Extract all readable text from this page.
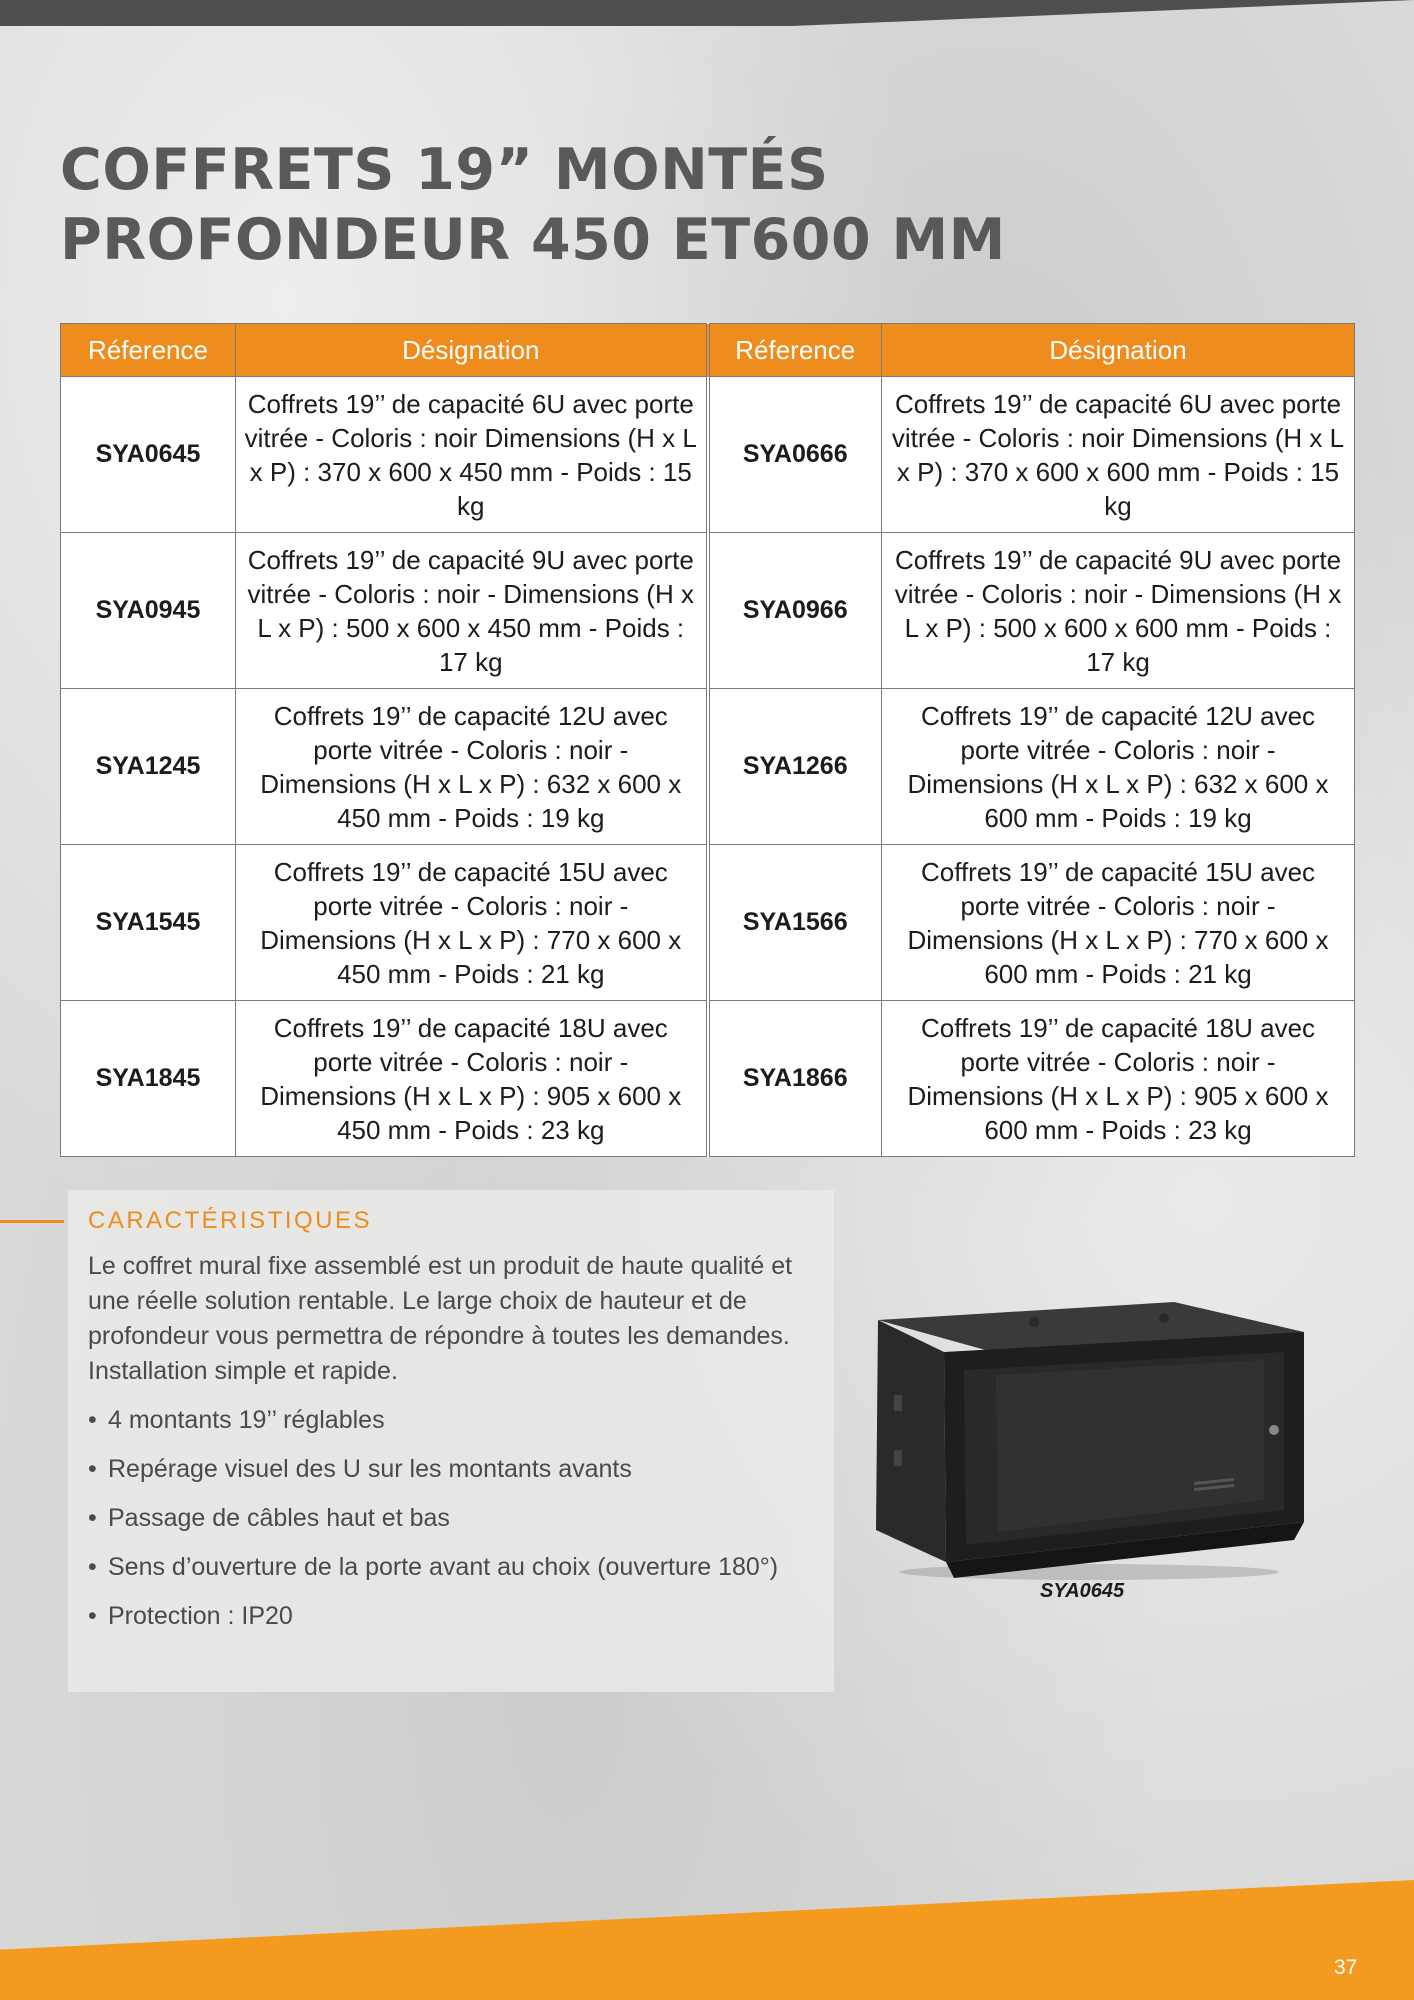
COFFRETS 19” MONTÉS
PROFONDEUR 450 ET600 MM
Réference	Désignation	Réference	Désignation
SYA0645	Coffrets 19’’ de capacité 6U avec porte vitrée - Coloris : noir Dimensions (H x L x P) : 370 x 600 x 450 mm - Poids : 15 kg	SYA0666	Coffrets 19’’ de capacité 6U avec porte vitrée - Coloris : noir Dimensions (H x L x P) : 370 x 600 x 600 mm - Poids : 15 kg
SYA0945	Coffrets 19’’ de capacité 9U avec porte vitrée - Coloris : noir - Dimensions (H x L x P) : 500 x 600 x 450 mm - Poids : 17 kg	SYA0966	Coffrets 19’’ de capacité 9U avec porte vitrée - Coloris : noir - Dimensions (H x L x P) : 500 x 600 x 600 mm - Poids : 17 kg
SYA1245	Coffrets 19’’ de capacité 12U avec porte vitrée - Coloris : noir - Dimensions (H x L x P) : 632 x 600 x 450 mm - Poids : 19 kg	SYA1266	Coffrets 19’’ de capacité 12U avec porte vitrée - Coloris : noir - Dimensions (H x L x P) : 632 x 600 x 600 mm - Poids : 19 kg
SYA1545	Coffrets 19’’ de capacité 15U avec porte vitrée - Coloris : noir - Dimensions (H x L x P) : 770 x 600 x 450 mm - Poids : 21 kg	SYA1566	Coffrets 19’’ de capacité 15U avec porte vitrée - Coloris : noir - Dimensions (H x L x P) : 770 x 600 x 600 mm - Poids : 21 kg
SYA1845	Coffrets 19’’ de capacité 18U avec porte vitrée - Coloris : noir - Dimensions (H x L x P) : 905 x 600 x 450 mm - Poids : 23 kg	SYA1866	Coffrets 19’’ de capacité 18U avec porte vitrée - Coloris : noir - Dimensions (H x L x P) : 905 x 600 x 600 mm - Poids : 23 kg
CARACTÉRISTIQUES

Le coffret mural fixe assemblé est un produit de haute qualité et une réelle solution rentable. Le large choix de hauteur et de profondeur vous permettra de répondre à toutes les demandes. Installation simple et rapide.

• 4 montants 19’’ réglables
• Repérage visuel des U sur les montants avants
• Passage de câbles haut et bas
• Sens d’ouverture de la porte avant au choix (ouverture 180°)
• Protection : IP20

SYA0645

37
